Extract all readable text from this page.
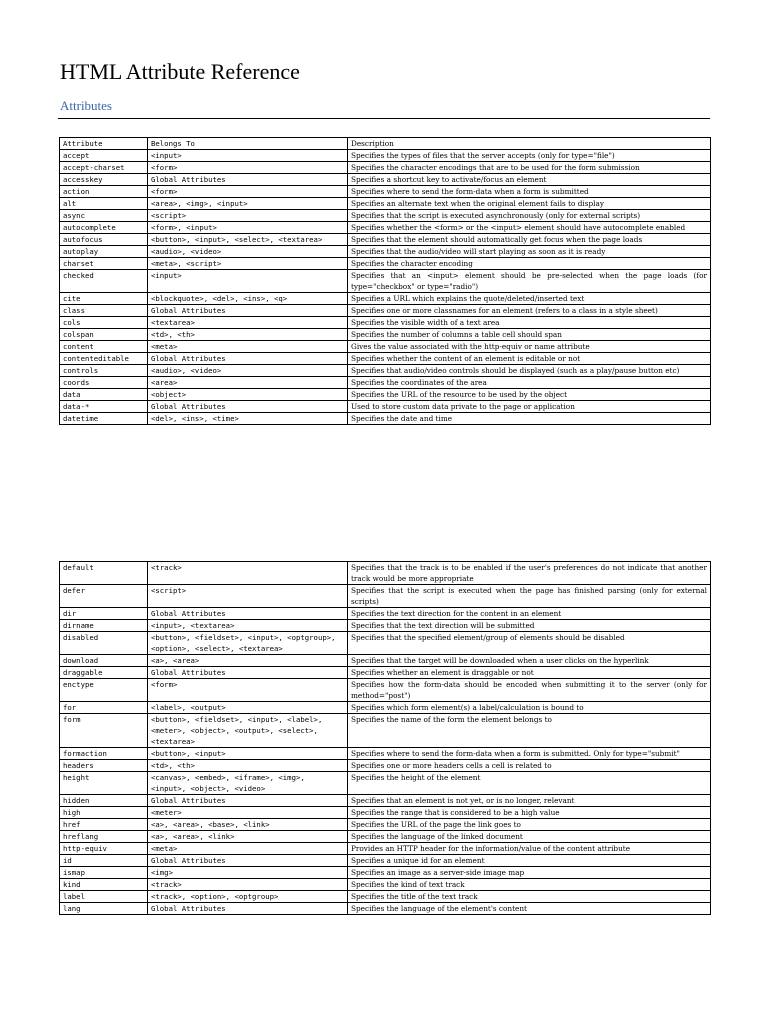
HTML Attribute Reference
Attributes
Attribute	Belongs To	Description
accept	<input>	Specifies the types of files that the server accepts (only for type="file")
accept-charset	<form>	Specifies the character encodings that are to be used for the form submission
accesskey	Global Attributes	Specifies a shortcut key to activate/focus an element
action	<form>	Specifies where to send the form-data when a form is submitted
alt	<area>, <img>, <input>	Specifies an alternate text when the original element fails to display
async	<script>	Specifies that the script is executed asynchronously (only for external scripts)
autocomplete	<form>, <input>	Specifies whether the <form> or the <input> element should have autocomplete enabled
autofocus	<button>, <input>, <select>, <textarea>	Specifies that the element should automatically get focus when the page loads
autoplay	<audio>, <video>	Specifies that the audio/video will start playing as soon as it is ready
charset	<meta>, <script>	Specifies the character encoding
checked	<input>	Specifies that an <input> element should be pre-selected when the page loads (for type="checkbox" or type="radio")
cite	<blockquote>, <del>, <ins>, <q>	Specifies a URL which explains the quote/deleted/inserted text
class	Global Attributes	Specifies one or more classnames for an element (refers to a class in a style sheet)
cols	<textarea>	Specifies the visible width of a text area
colspan	<td>, <th>	Specifies the number of columns a table cell should span
content	<meta>	Gives the value associated with the http-equiv or name attribute
contenteditable	Global Attributes	Specifies whether the content of an element is editable or not
controls	<audio>, <video>	Specifies that audio/video controls should be displayed (such as a play/pause button etc)
coords	<area>	Specifies the coordinates of the area
data	<object>	Specifies the URL of the resource to be used by the object
data-*	Global Attributes	Used to store custom data private to the page or application
datetime	<del>, <ins>, <time>	Specifies the date and time
default	<track>	Specifies that the track is to be enabled if the user's preferences do not indicate that another track would be more appropriate
defer	<script>	Specifies that the script is executed when the page has finished parsing (only for external scripts)
dir	Global Attributes	Specifies the text direction for the content in an element
dirname	<input>, <textarea>	Specifies that the text direction will be submitted
disabled	<button>, <fieldset>, <input>, <optgroup>, <option>, <select>, <textarea>	Specifies that the specified element/group of elements should be disabled
download	<a>, <area>	Specifies that the target will be downloaded when a user clicks on the hyperlink
draggable	Global Attributes	Specifies whether an element is draggable or not
enctype	<form>	Specifies how the form-data should be encoded when submitting it to the server (only for method="post")
for	<label>, <output>	Specifies which form element(s) a label/calculation is bound to
form	<button>, <fieldset>, <input>, <label>, <meter>, <object>, <output>, <select>, <textarea>	Specifies the name of the form the element belongs to
formaction	<button>, <input>	Specifies where to send the form-data when a form is submitted. Only for type="submit"
headers	<td>, <th>	Specifies one or more headers cells a cell is related to
height	<canvas>, <embed>, <iframe>, <img>, <input>, <object>, <video>	Specifies the height of the element
hidden	Global Attributes	Specifies that an element is not yet, or is no longer, relevant
high	<meter>	Specifies the range that is considered to be a high value
href	<a>, <area>, <base>, <link>	Specifies the URL of the page the link goes to
hreflang	<a>, <area>, <link>	Specifies the language of the linked document
http-equiv	<meta>	Provides an HTTP header for the information/value of the content attribute
id	Global Attributes	Specifies a unique id for an element
ismap	<img>	Specifies an image as a server-side image map
kind	<track>	Specifies the kind of text track
label	<track>, <option>, <optgroup>	Specifies the title of the text track
lang	Global Attributes	Specifies the language of the element's content
